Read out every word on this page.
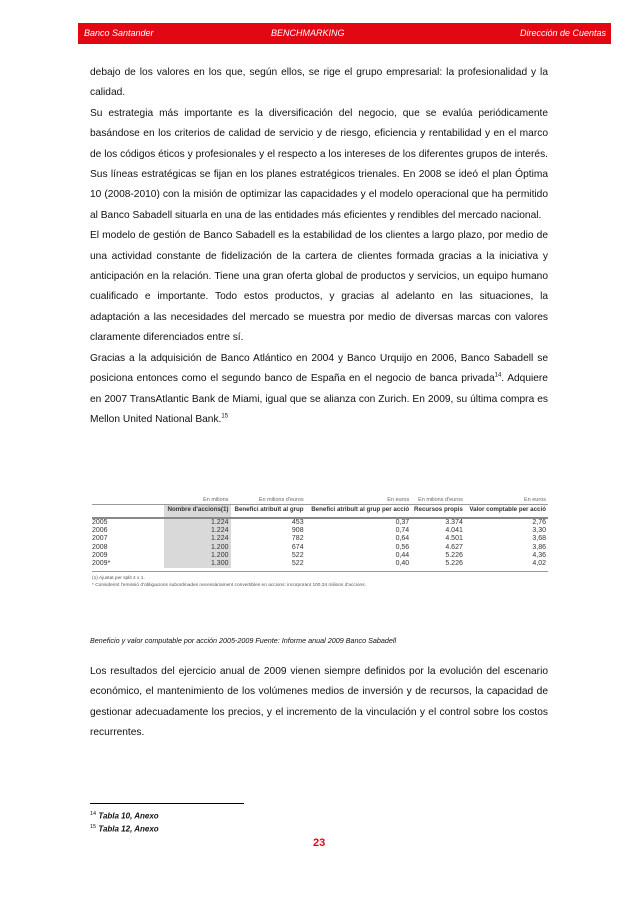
Banco Santander	BENCHMARKING	Dirección de Cuentas

debajo de los valores en los que, según ellos, se rige el grupo empresarial: la profesionalidad y la calidad.

Su estrategia más importante es la diversificación del negocio, que se evalúa periódicamente basándose en los criterios de calidad de servicio y de riesgo, eficiencia y rentabilidad y en el marco de los códigos éticos y profesionales y el respecto a los intereses de los diferentes grupos de interés. Sus líneas estratégicas se fijan en los planes estratégicos trienales. En 2008 se ideó el plan Óptima 10 (2008-2010) con la misión de optimizar las capacidades y el modelo operacional que ha permitido al Banco Sabadell situarla en una de las entidades más eficientes y rendibles del mercado nacional.

El modelo de gestión de Banco Sabadell es la estabilidad de los clientes a largo plazo, por medio de una actividad constante de fidelización de la cartera de clientes formada gracias a la iniciativa y anticipación en la relación. Tiene una gran oferta global de productos y servicios, un equipo humano cualificado e importante. Todo estos productos, y gracias al adelanto en las situaciones, la adaptación a las necesidades del mercado se muestra por medio de diversas marcas con valores claramente diferenciados entre sí.

Gracias a la adquisición de Banco Atlántico en 2004 y Banco Urquijo en 2006, Banco Sabadell se posiciona entonces como el segundo banco de España en el negocio de banca privada$^{14}$. Adquiere en 2007 TransAtlantic Bank de Miami, igual que se alianza con Zurich. En 2009, su última compra es Mellon United National Bank.$^{15}$

	En milions	En milions d'euros	En euros	En milions d'euros	En euros
	Nombre d'accions(1)	Benefici atribuït al grup	Benefici atribuït al grup per acció	Recursos propis	Valor comptable per acció
2005	1.224	453	0,37	3.374	2,76
2006	1.224	908	0,74	4.041	3,30
2007	1.224	782	0,64	4.501	3,68
2008	1.200	674	0,56	4.627	3,86
2009	1.200	522	0,44	5.226	4,36
2009*	1.300	522	0,40	5.226	4,02
(1) Ajustat per split 4 x 1.
* Considerint l'emissió d'obligacions subordinades necessàriament convertibles en accions: incorporant 100,34 milions d'accions.
Beneficio y valor computable por acción 2005-2009 Fuente: Informe anual 2009 Banco Sabadell

Los resultados del ejercicio anual de 2009 vienen siempre definidos por la evolución del escenario económico, el mantenimiento de los volúmenes medios de inversión y de recursos, la capacidad de gestionar adecuadamente los precios, y el incremento de la vinculación y el control sobre los costos recurrentes.

$^{14}$ Tabla 10, Anexo
$^{15}$ Tabla 12, Anexo
23
